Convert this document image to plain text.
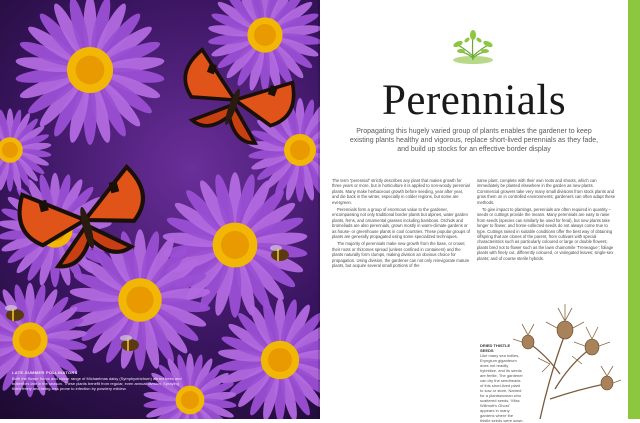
LATE-SUMMER POLLINATORS
Both the flower forms and colour range of Michaelmas daisy (Symphyotrichum) attract bees and butterflies late in the season. These plants benefit from regular, even annual division. Spraying them freely and being less prone to infection by powdery mildew.
Perennials

Propagating this hugely varied group of plants enables the gardener to keep existing plants healthy and vigorous, replace short-lived perennials as they fade, and build up stocks for an effective border display

The term “perennial” strictly describes any plant that makes growth for three years or more, but in horticulture it is applied to non-woody perennial plants. Many make herbaceous growth before seeding, year after year, and die back in the winter, especially in colder regions, but some are evergreen.

Perennials form a group of enormous value to the gardener, encompassing not only traditional border plants but alpines, water garden plants, ferns, and ornamental grasses including bamboos. Orchids and bromeliads are also perennials, grown mostly in warm-climate gardens or as house- or greenhouse plants in cool countries. These popular groups of plants are generally propagated using some specialized techniques.

The majority of perennials make new growth from the base, or crown; their roots or rhizomes spread (unless confined in containers) and the plants naturally form clumps, making division an obvious choice for propagation. Using division, the gardener can not only reinvigorate mature plants, but acquire several small portions of the

same plant, complete with their own roots and shoots, which can immediately be planted elsewhere in the garden as new plants. Commercial growers take very many small divisions from stock plants and grow them on in controlled environments; gardeners can often adapt these methods.

To give impact to plantings, perennials are often required in quantity – seeds or cuttings provide the means. Many perennials are easy to raise from seeds (species can similarly be used for feral), but new plants take longer to flower, and home-collected seeds do not always come true to type. Cuttings raised in suitable conditions offer the best way of obtaining offspring that are clones of the parent, from cultivars with special characteristics such as particularly coloured or large or double flowers; plants bred not to flower such as the lawn chamomile ‘Treneague’; foliage plants with finely cut, differently coloured, or variegated leaves; single-sex plants; and of course sterile hybrids.

DRIED THISTLE SEEDS
Like many sea hollies, Eryngium giganteum does not readily hybridize, and its seeds are fertile. The gardener can dry the seedheads of this short-lived plant to sow or store. Named for a plantswoman who scattered seeds, ‘Miss Willmott’s Ghost’ appears in many gardens where the thistle seeds were sown.
